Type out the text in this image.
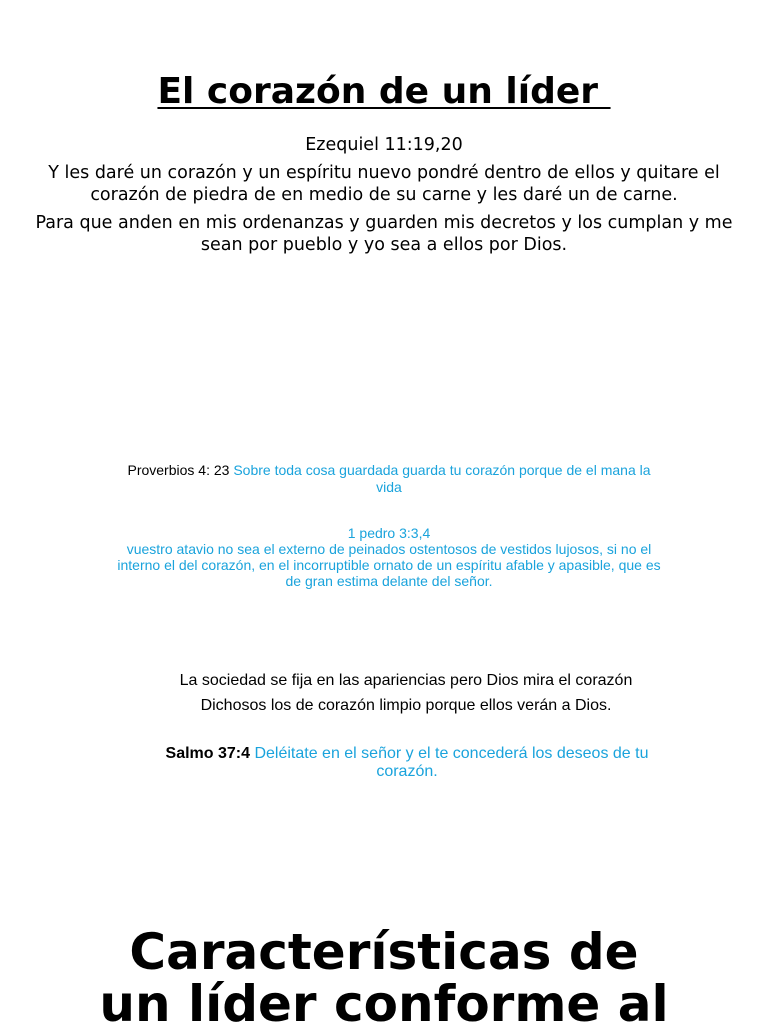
El corazón de un líder

Ezequiel 11:19,20

Y les daré un corazón y un espíritu nuevo pondré dentro de ellos y quitare el corazón de piedra de en medio de su carne y les daré un de carne.

Para que anden en mis ordenanzas y guarden mis decretos y los cumplan y me sean por pueblo y yo sea a ellos por Dios.

Proverbios 4: 23 Sobre toda cosa guardada guarda tu corazón porque de el mana la vida
1 pedro 3:3,4
vuestro atavio no sea el externo de peinados ostentosos de vestidos lujosos, si no el interno el del corazón, en el incorruptible ornato de un espíritu afable y apasible, que es de gran estima delante del señor.
La sociedad se fija en las apariencias pero Dios mira el corazón
Dichosos los de corazón limpio porque ellos verán a Dios.
Salmo 37:4 Deléitate en el señor y el te concederá los deseos de tu corazón.
Características de
un líder conforme al
